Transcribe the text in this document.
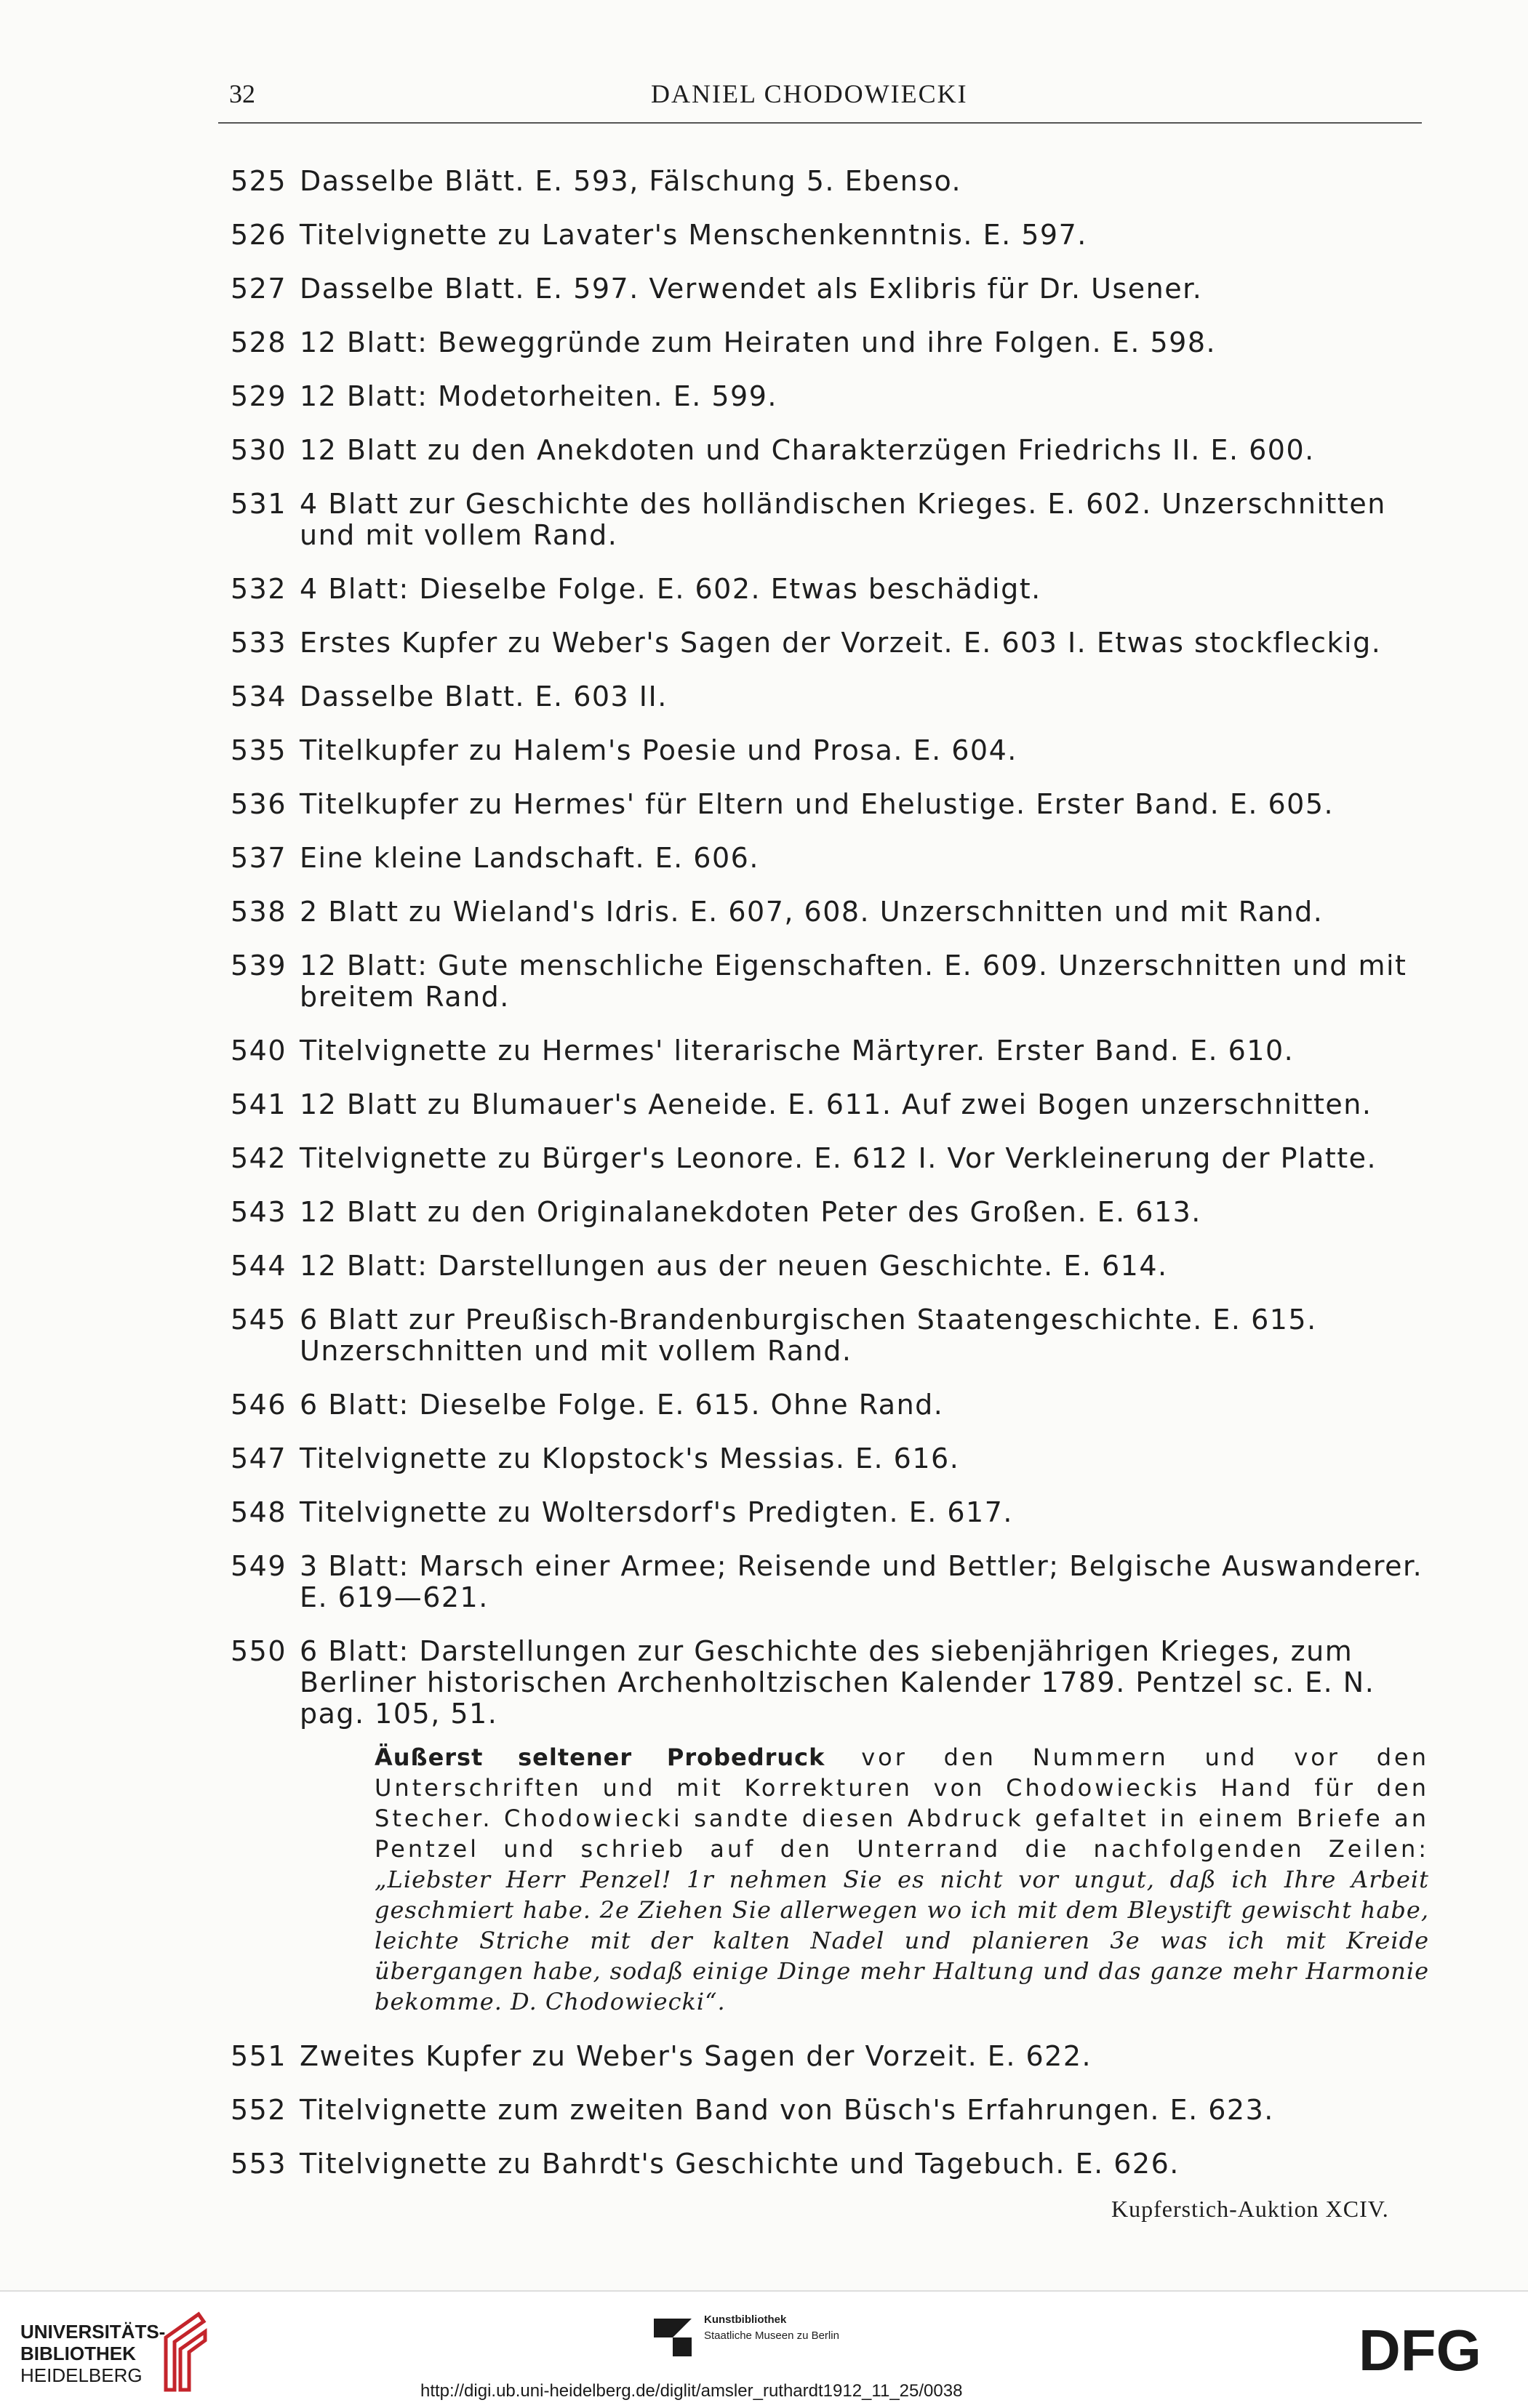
32	DANIEL CHODOWIECKI
525 Dasselbe Blätt. E. 593, Fälschung 5. Ebenso.
526 Titelvignette zu Lavater's Menschenkenntnis. E. 597.
527 Dasselbe Blatt. E. 597. Verwendet als Exlibris für Dr. Usener.
528 12 Blatt: Beweggründe zum Heiraten und ihre Folgen. E. 598.
529 12 Blatt: Modetorheiten. E. 599.
530 12 Blatt zu den Anekdoten und Charakterzügen Friedrichs II. E. 600.
531 4 Blatt zur Geschichte des holländischen Krieges. E. 602. Unzerschnitten und mit vollem Rand.
532 4 Blatt: Dieselbe Folge. E. 602. Etwas beschädigt.
533 Erstes Kupfer zu Weber's Sagen der Vorzeit. E. 603 I. Etwas stockfleckig.
534 Dasselbe Blatt. E. 603 II.
535 Titelkupfer zu Halem's Poesie und Prosa. E. 604.
536 Titelkupfer zu Hermes' für Eltern und Ehelustige. Erster Band. E. 605.
537 Eine kleine Landschaft. E. 606.
538 2 Blatt zu Wieland's Idris. E. 607, 608. Unzerschnitten und mit Rand.
539 12 Blatt: Gute menschliche Eigenschaften. E. 609. Unzerschnitten und mit breitem Rand.
540 Titelvignette zu Hermes' literarische Märtyrer. Erster Band. E. 610.
541 12 Blatt zu Blumauer's Aeneide. E. 611. Auf zwei Bogen unzerschnitten.
542 Titelvignette zu Bürger's Leonore. E. 612 I. Vor Verkleinerung der Platte.
543 12 Blatt zu den Originalanekdoten Peter des Großen. E. 613.
544 12 Blatt: Darstellungen aus der neuen Geschichte. E. 614.
545 6 Blatt zur Preußisch-Brandenburgischen Staatengeschichte. E. 615. Unzerschnitten und mit vollem Rand.
546 6 Blatt: Dieselbe Folge. E. 615. Ohne Rand.
547 Titelvignette zu Klopstock's Messias. E. 616.
548 Titelvignette zu Woltersdorf's Predigten. E. 617.
549 3 Blatt: Marsch einer Armee; Reisende und Bettler; Belgische Auswanderer. E. 619—621.
550 6 Blatt: Darstellungen zur Geschichte des siebenjährigen Krieges, zum Berliner historischen Archenholtzischen Kalender 1789. Pentzel sc. E. N. pag. 105, 51.
Äußerst seltener Probedruck vor den Nummern und vor den Unterschriften und mit Korrekturen von Chodowieckis Hand für den Stecher. Chodowiecki sandte diesen Abdruck gefaltet in einem Briefe an Pentzel und schrieb auf den Unterrand die nachfolgenden Zeilen: „Liebster Herr Penzel! 1r nehmen Sie es nicht vor ungut, daß ich Ihre Arbeit geschmiert habe. 2e Ziehen Sie allerwegen wo ich mit dem Bleystift gewischt habe, leichte Striche mit der kalten Nadel und planieren 3e was ich mit Kreide übergangen habe, sodaß einige Dinge mehr Haltung und das ganze mehr Harmonie bekomme. D. Chodowiecki“.
551 Zweites Kupfer zu Weber's Sagen der Vorzeit. E. 622.
552 Titelvignette zum zweiten Band von Büsch's Erfahrungen. E. 623.
553 Titelvignette zu Bahrdt's Geschichte und Tagebuch. E. 626.
Kupferstich-Auktion XCIV.
UNIVERSITÄTS-
BIBLIOTHEK
HEIDELBERG
Kunstbibliothek
Staatliche Museen zu Berlin	DFG
http://digi.ub.uni-heidelberg.de/diglit/amsler_ruthardt1912_11_25/0038
